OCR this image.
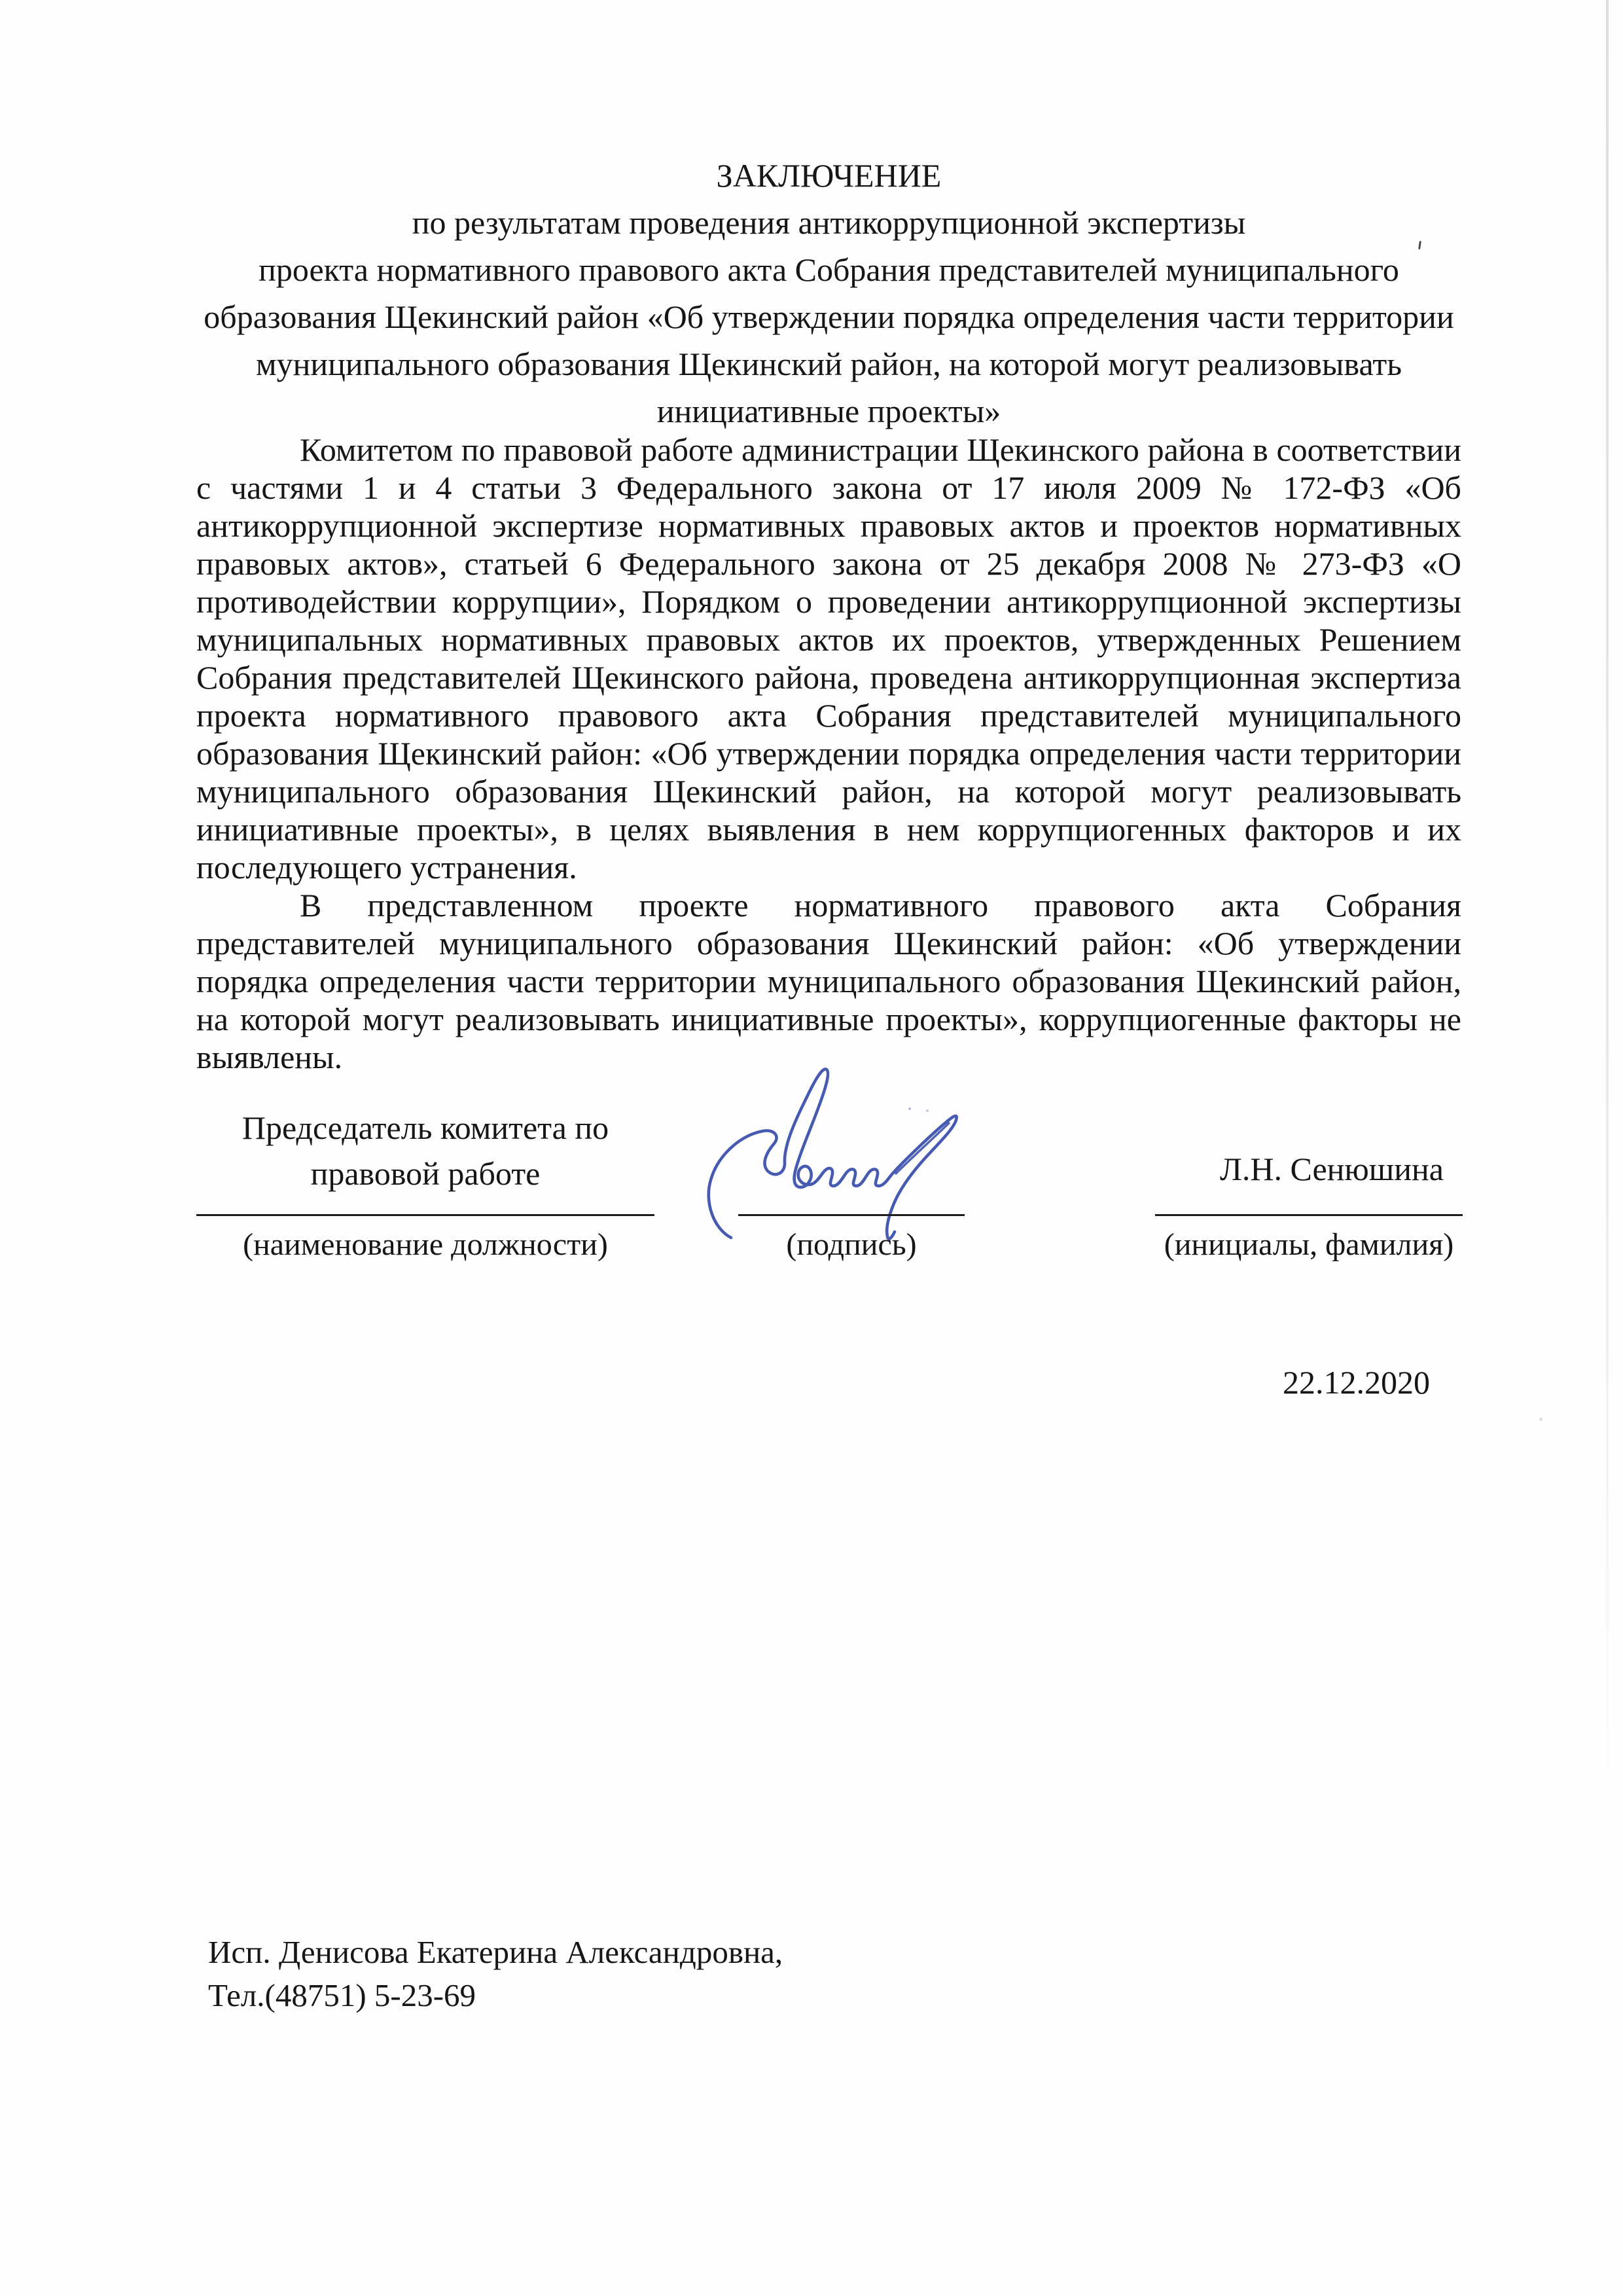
ЗАКЛЮЧЕНИЕ
по результатам проведения антикоррупционной экспертизы
проекта нормативного правового акта Собрания представителей муниципального
образования Щекинский район «Об утверждении порядка определения части территории
муниципального образования Щекинский район, на которой могут реализовывать
инициативные проекты»

Комитетом по правовой работе администрации Щекинского района в соответствии с частями 1 и 4 статьи 3 Федерального закона от 17 июля 2009 № 172-ФЗ «Об антикоррупционной экспертизе нормативных правовых актов и проектов нормативных правовых актов», статьей 6 Федерального закона от 25 декабря 2008 № 273-ФЗ «О противодействии коррупции», Порядком о проведении антикоррупционной экспертизы муниципальных нормативных правовых актов их проектов, утвержденных Решением Собрания представителей Щекинского района, проведена антикоррупционная экспертиза проекта нормативного правового акта Собрания представителей муниципального образования Щекинский район: «Об утверждении порядка определения части территории муниципального образования Щекинский район, на которой могут реализовывать инициативные проекты», в целях выявления в нем коррупциогенных факторов и их последующего устранения.

В представленном проекте нормативного правового акта Собрания представителей муниципального образования Щекинский район: «Об утверждении порядка определения части территории муниципального образования Щекинский район, на которой могут реализовывать инициативные проекты», коррупциогенные факторы не выявлены.

Председатель комитета по
правовой работе
(наименование должности)	(подпись)	(инициалы, фамилия)
Л.Н. Сенюшина
22.12.2020
Исп. Денисова Екатерина Александровна,
Тел.(48751) 5-23-69
